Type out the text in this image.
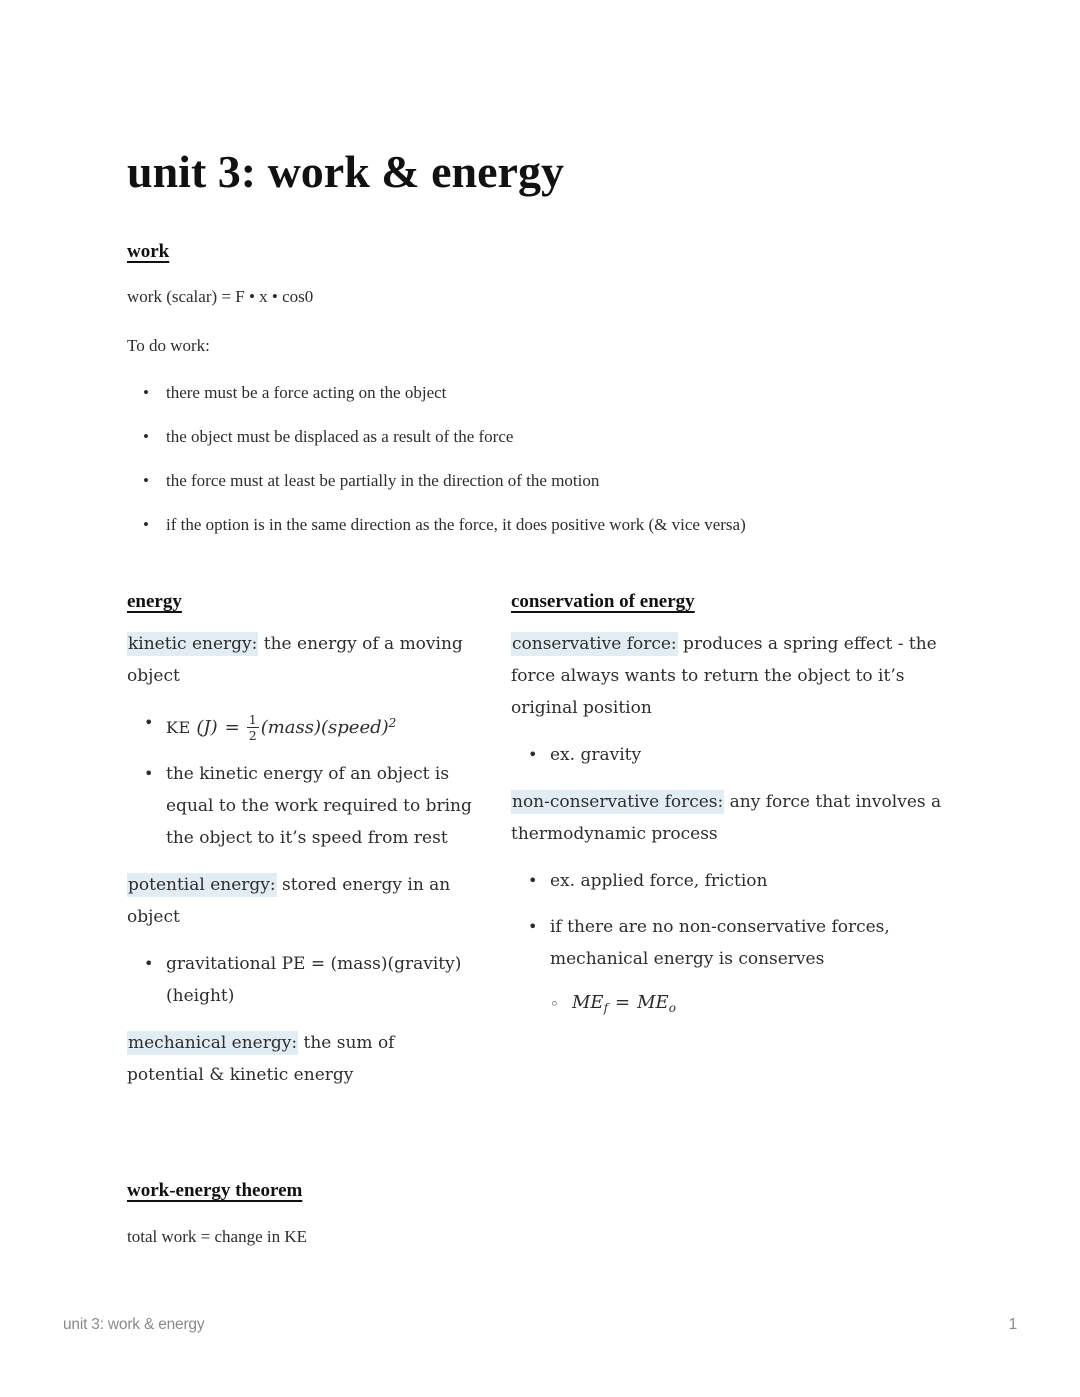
unit 3: work & energy
work

work (scalar) = F • x • cos0

To do work:

• there must be a force acting on the object
• the object must be displaced as a result of the force
• the force must at least be partially in the direction of the motion
• if the option is in the same direction as the force, it does positive work (& vice versa)
energy

kinetic energy: the energy of a moving object

• KE $(J) = \frac{1}{2}$ (mass)(speed)$^2$
• the kinetic energy of an object is equal to the work required to bring the object to it’s speed from rest

potential energy: stored energy in an object

• gravitational PE = (mass)(gravity)(height)

mechanical energy: the sum of potential & kinetic energy

conservation of energy

conservative force: produces a spring effect - the force always wants to return the object to it’s original position

• ex. gravity

non-conservative forces: any force that involves a thermodynamic process

• ex. applied force, friction
• if there are no non-conservative forces, mechanical energy is conserves
◦ $ME_f = ME_o$
work-energy theorem

total work = change in KE

unit 3: work & energy	1
